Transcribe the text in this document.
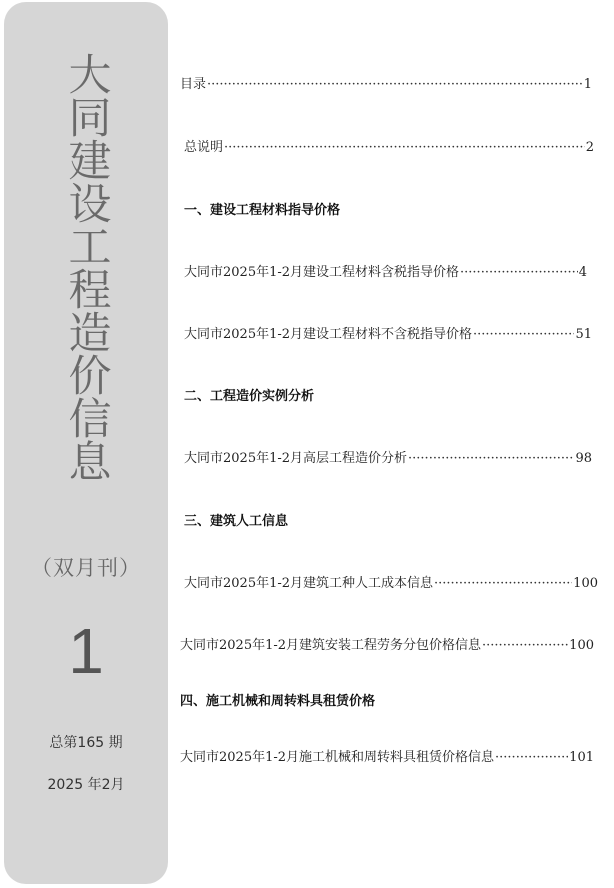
大
同
建
设
工
程
造
价
信
息
（双月刊）
1
总第165 期
2025 年2月
目录 ·····	1
总说明 ·····	2
一、建设工程材料指导价格
大同市2025年1-2月建设工程材料含税指导价格 ·····	4
大同市2025年1-2月建设工程材料不含税指导价格 ·····	51
二、工程造价实例分析
大同市2025年1-2月高层工程造价分析 ·····	98
三、建筑人工信息
大同市2025年1-2月建筑工种人工成本信息 ·····	100
大同市2025年1-2月建筑安装工程劳务分包价格信息 ·····	100
四、施工机械和周转料具租赁价格
大同市2025年1-2月施工机械和周转料具租赁价格信息 ·····	101
